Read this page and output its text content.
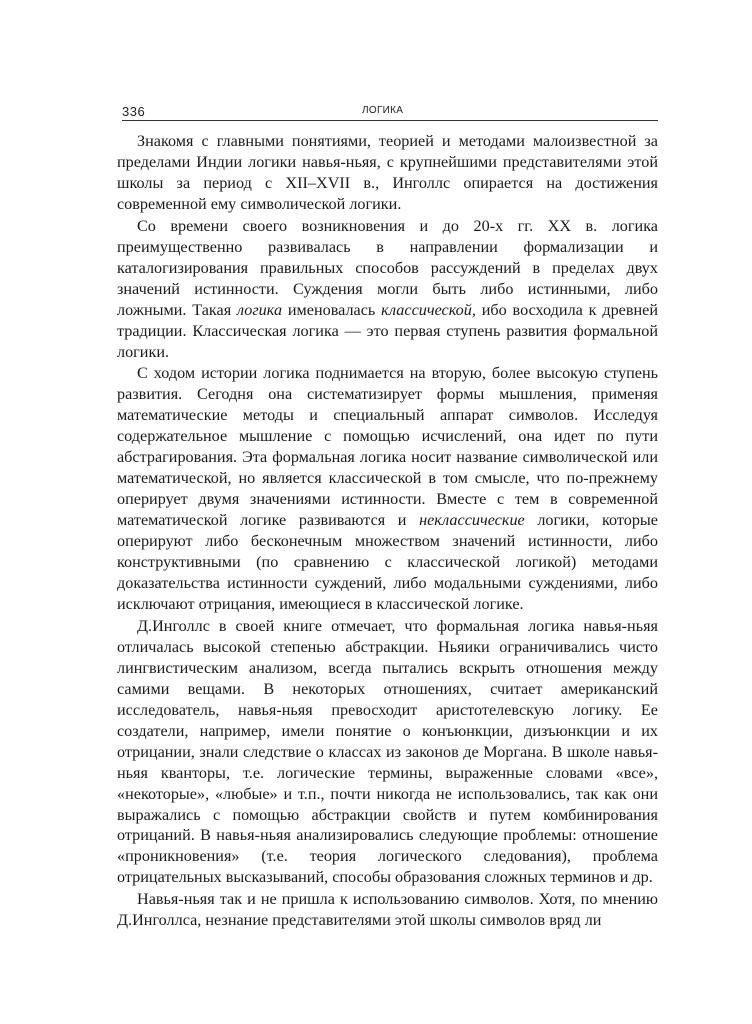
336	ЛОГИКА

Знакомя с главными понятиями, теорией и методами малоизвестной за пределами Индии логики навья-ньяя, с крупнейшими представителями этой школы за период с XII–XVII в., Инголлс опирается на достижения современной ему символической логики.

Со времени своего возникновения и до 20-х гг. XX в. логика преимущественно развивалась в направлении формализации и каталогизирования правильных способов рассуждений в пределах двух значений истинности. Суждения могли быть либо истинными, либо ложными. Такая логика именовалась классической, ибо восходила к древней традиции. Классическая логика — это первая ступень развития формальной логики.

С ходом истории логика поднимается на вторую, более высокую ступень развития. Сегодня она систематизирует формы мышления, применяя математические методы и специальный аппарат символов. Исследуя содержательное мышление с помощью исчислений, она идет по пути абстрагирования. Эта формальная логика носит название символической или математической, но является классической в том смысле, что по-прежнему оперирует двумя значениями истинности. Вместе с тем в современной математической логике развиваются и неклассические логики, которые оперируют либо бесконечным множеством значений истинности, либо конструктивными (по сравнению с классической логикой) методами доказательства истинности суждений, либо модальными суждениями, либо исключают отрицания, имеющиеся в классической логике.

Д.Инголлс в своей книге отмечает, что формальная логика навья-ньяя отличалась высокой степенью абстракции. Ньяики ограничивались чисто лингвистическим анализом, всегда пытались вскрыть отношения между самими вещами. В некоторых отношениях, считает американский исследователь, навья-ньяя превосходит аристотелевскую логику. Ее создатели, например, имели понятие о конъюнкции, дизъюнкции и их отрицании, знали следствие о классах из законов де Моргана. В школе навья-ньяя кванторы, т.е. логические термины, выраженные словами «все», «некоторые», «любые» и т.п., почти никогда не использовались, так как они выражались с помощью абстракции свойств и путем комбинирования отрицаний. В навья-ньяя анализировались следующие проблемы: отношение «проникновения» (т.е. теория логического следования), проблема отрицательных высказываний, способы образования сложных терминов и др.

Навья-ньяя так и не пришла к использованию символов. Хотя, по мнению Д.Инголлса, незнание представителями этой школы символов вряд ли
